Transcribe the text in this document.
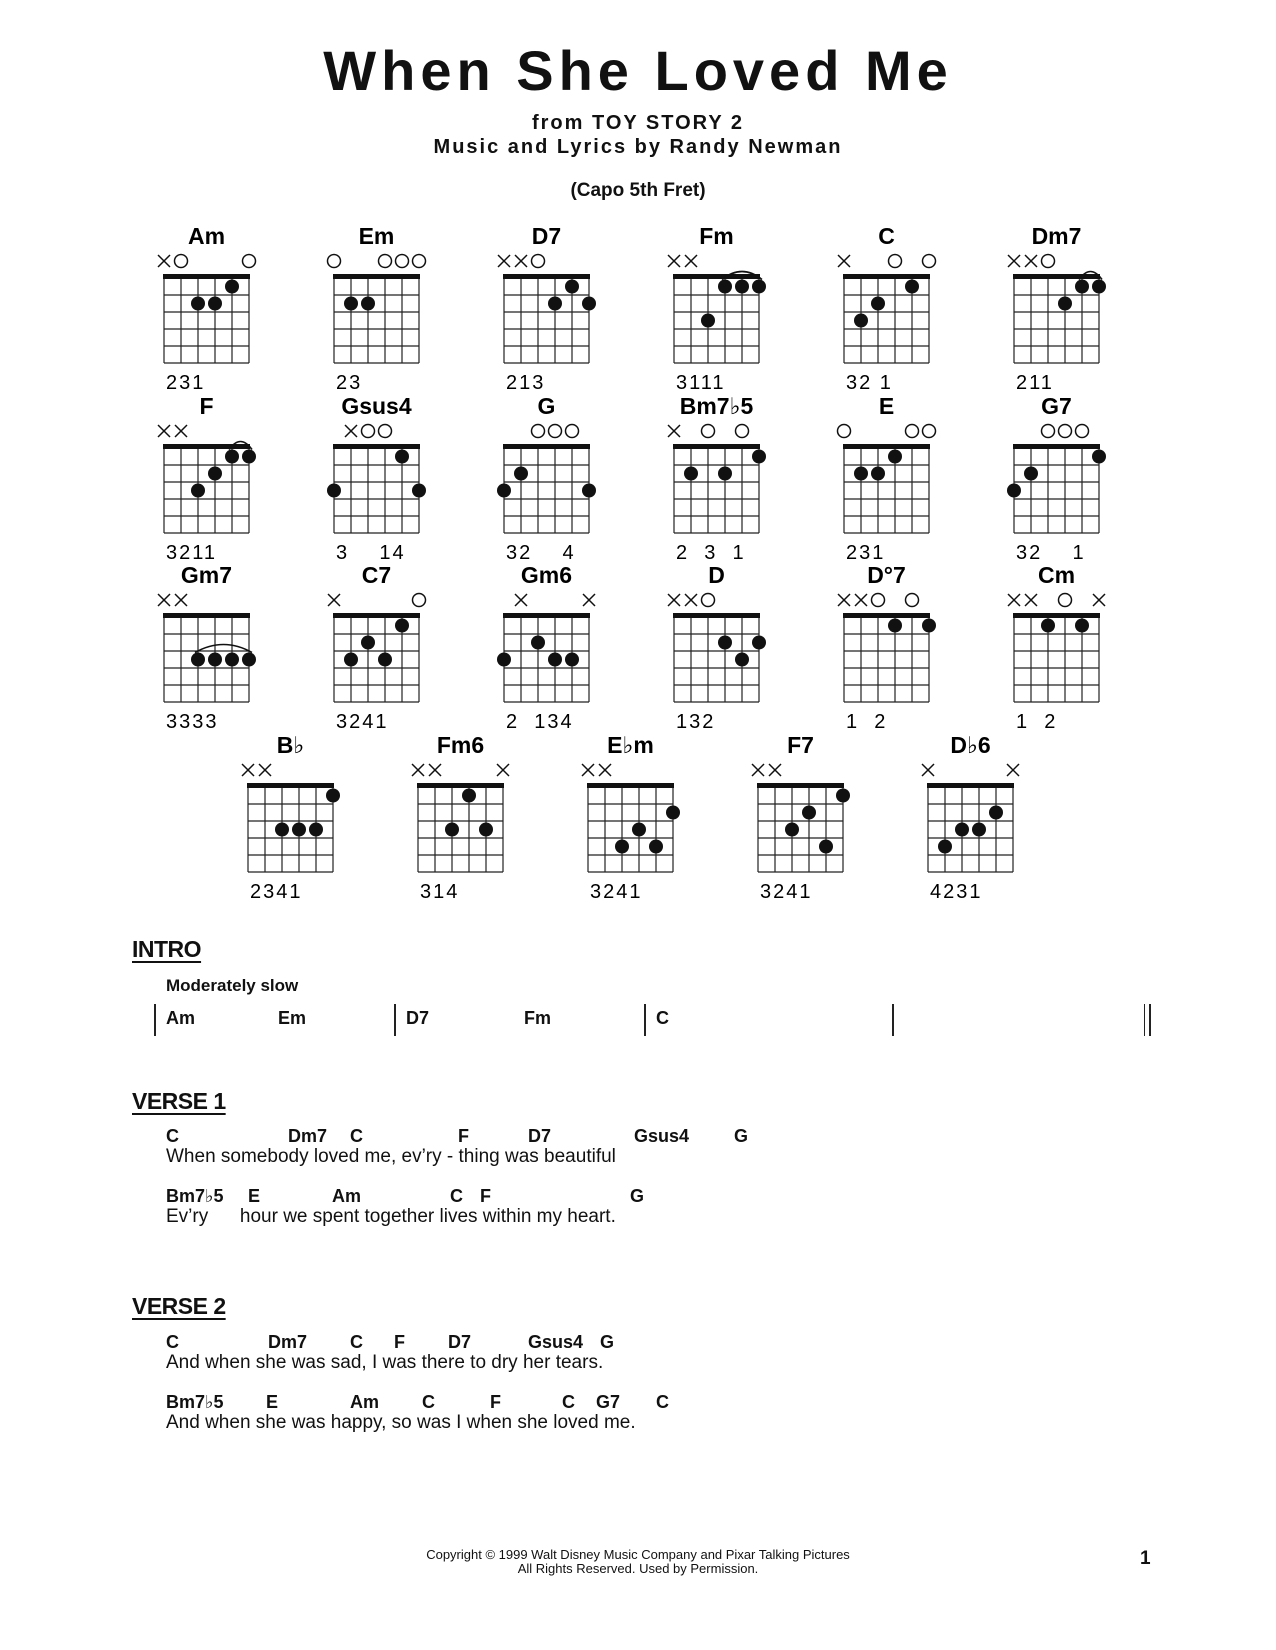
When She Loved Me
from TOY STORY 2
Music and Lyrics by Randy Newman
(Capo 5th Fret)
Am
231
Em
23
D7
213
Fm
3111
C
32 1
Dm7
211
F
3211
Gsus4
3    14
G
32    4
Bm7♭5
2  3  1
E
231
G7
32    1
Gm7
3333
C7
3241
Gm6
2  134
D
132
D°7
1  2
Cm
1  2
B♭
2341
Fm6
314
E♭m
3241
F7
3241
D♭6
4231
INTRO
Moderately slow
Am	Em	D7	Fm	C
VERSE 1
C	Dm7 C	F	D7	Gsus4 G
When somebody loved me, ev’ry - thing was beautiful
Bm7♭5 E	Am	C F	G
Ev’ry      hour we spent together lives within my heart.
VERSE 2
C	Dm7 C F D7	Gsus4 G
And when she was sad, I was there to dry her tears.
Bm7♭5 E	Am C	F	C G7 C
And when she was happy, so was I when she loved me.
Copyright © 1999 Walt Disney Music Company and Pixar Talking Pictures
All Rights Reserved. Used by Permission.	1
